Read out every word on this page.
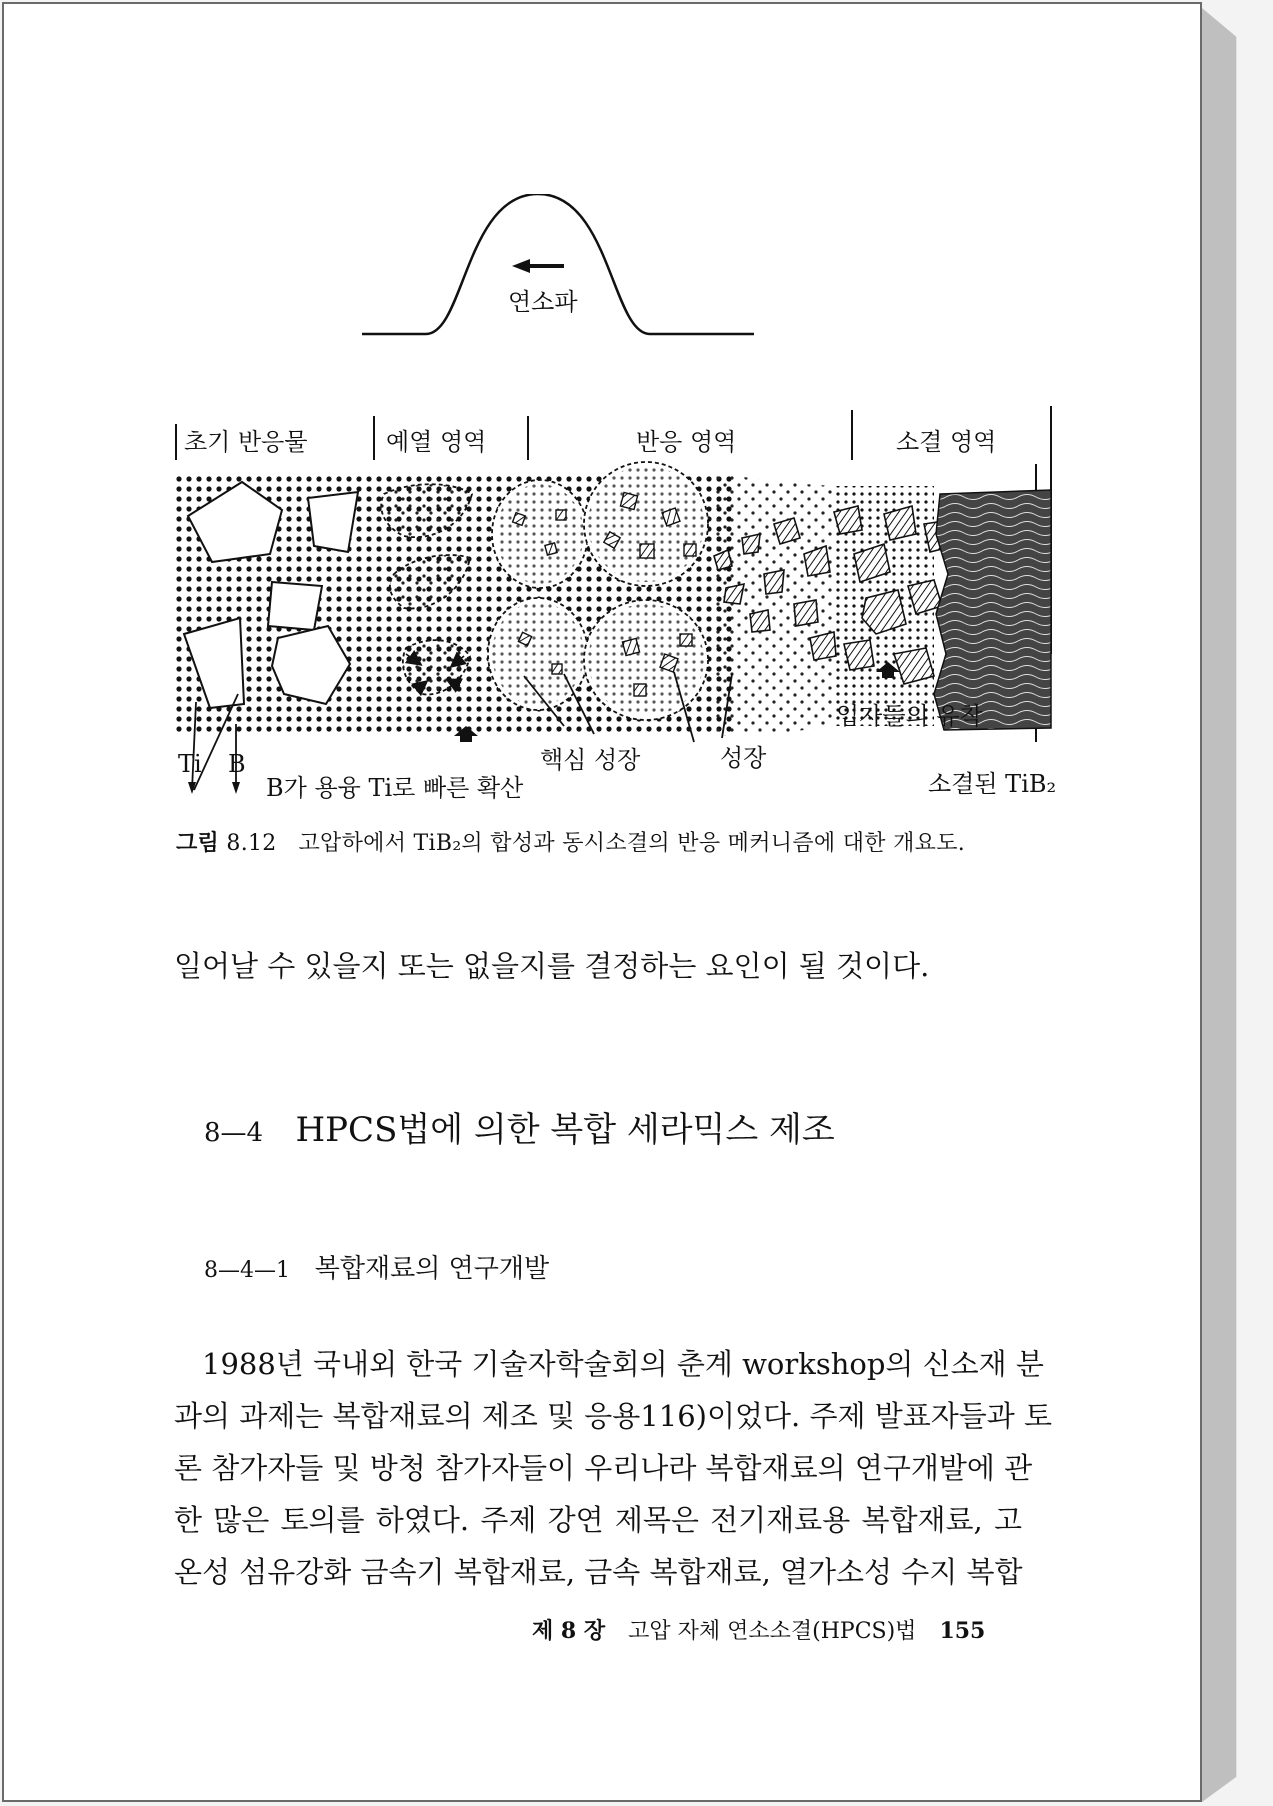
연소파
초기 반응물	예열 영역	반응 영역	소결 영역
Ti B
B가 용융 Ti로 빠른 확산
핵심 성장	성장
입자들의 유착
소결된 TiB₂
그림 8.12 고압하에서 TiB₂의 합성과 동시소결의 반응 메커니즘에 대한 개요도.
일어날 수 있을지 또는 없을지를 결정하는 요인이 될 것이다.
8—4 HPCS법에 의한 복합 세라믹스 제조
8—4—1 복합재료의 연구개발
1988년 국내외 한국 기술자학술회의 춘계 workshop의 신소재 분
과의 과제는 복합재료의 제조 및 응용116)이었다. 주제 발표자들과 토
론 참가자들 및 방청 참가자들이 우리나라 복합재료의 연구개발에 관
한 많은 토의를 하였다. 주제 강연 제목은 전기재료용 복합재료, 고
온성 섬유강화 금속기 복합재료, 금속 복합재료, 열가소성 수지 복합
제 8 장 고압 자체 연소소결(HPCS)법 155
